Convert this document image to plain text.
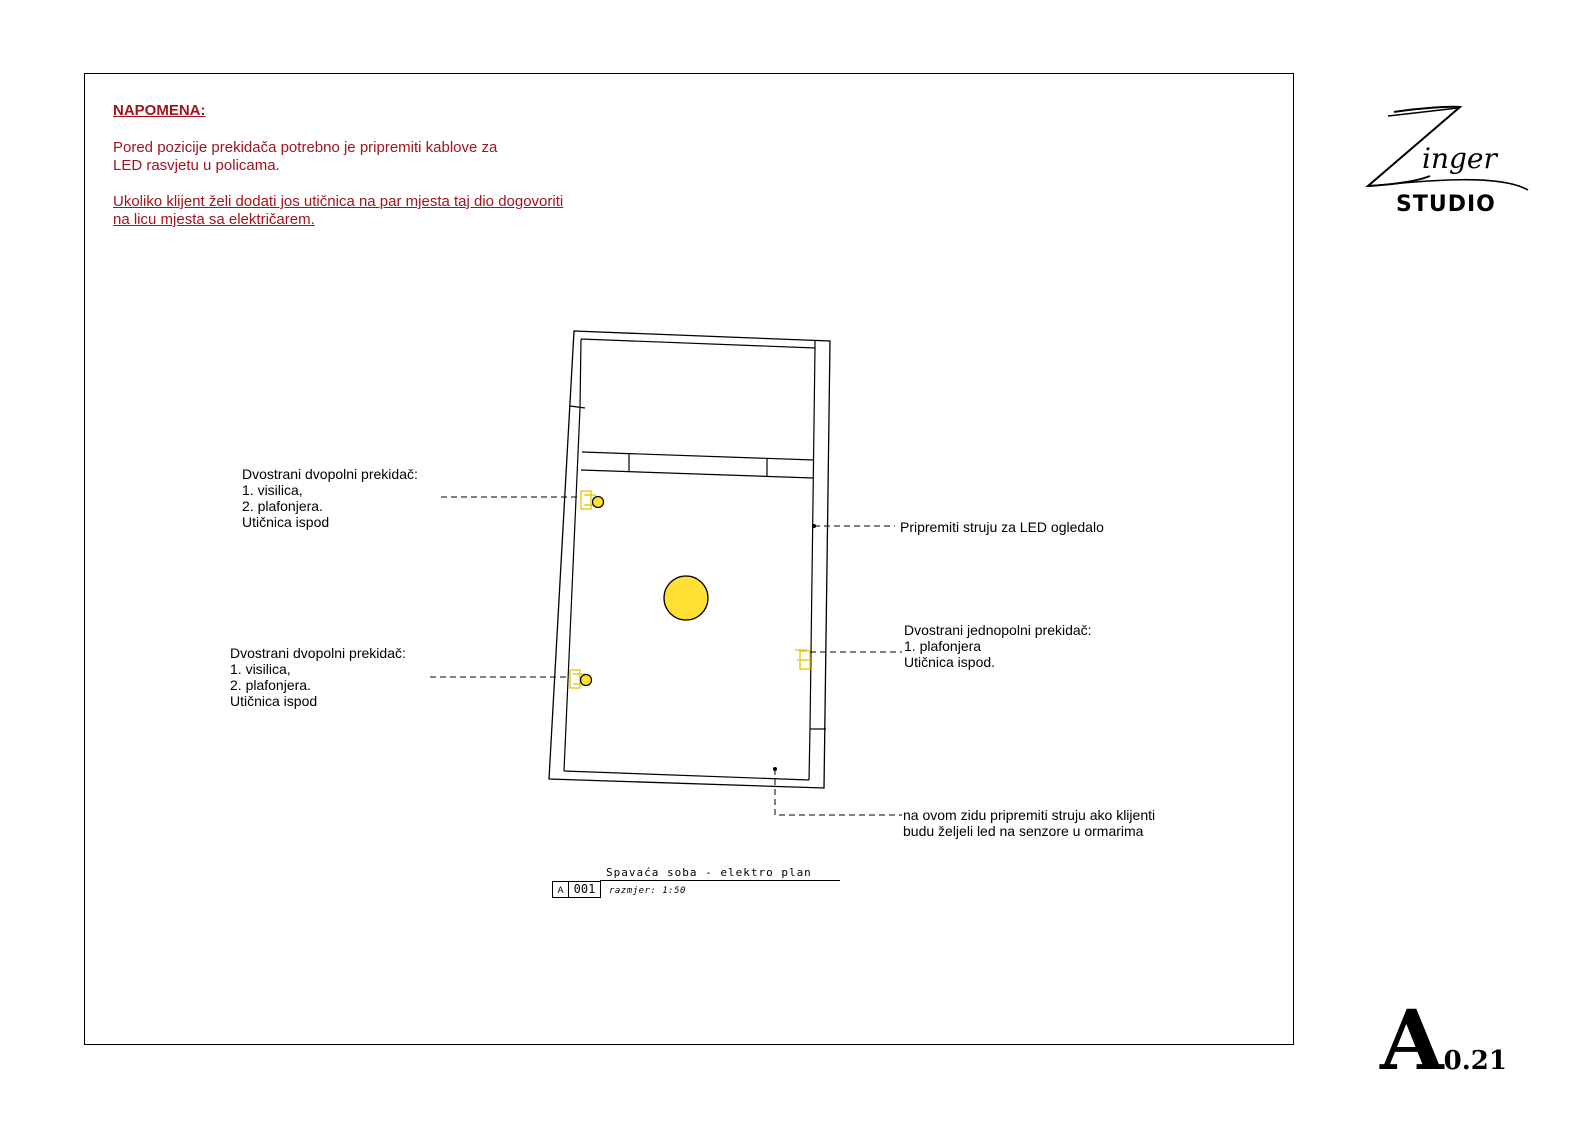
NAPOMENA:
Pored pozicije prekidača potrebno je pripremiti kablove za
LED rasvjetu u policama.
Ukoliko klijent želi dodati jos utičnica na par mjesta taj dio dogovoriti
na licu mjesta sa električarem.
Dvostrani dvopolni prekidač:
1. visilica,
2. plafonjera.
Utičnica ispod
Dvostrani dvopolni prekidač:
1. visilica,
2. plafonjera.
Utičnica ispod
Pripremiti struju za LED ogledalo
Dvostrani jednopolni prekidač:
1. plafonjera
Utičnica ispod.
na ovom zidu pripremiti struju ako klijenti
budu željeli led na senzore u ormarima
Spavaća soba - elektro plan
A 001	razmjer: 1:50
inger
STUDIO
A0.21
